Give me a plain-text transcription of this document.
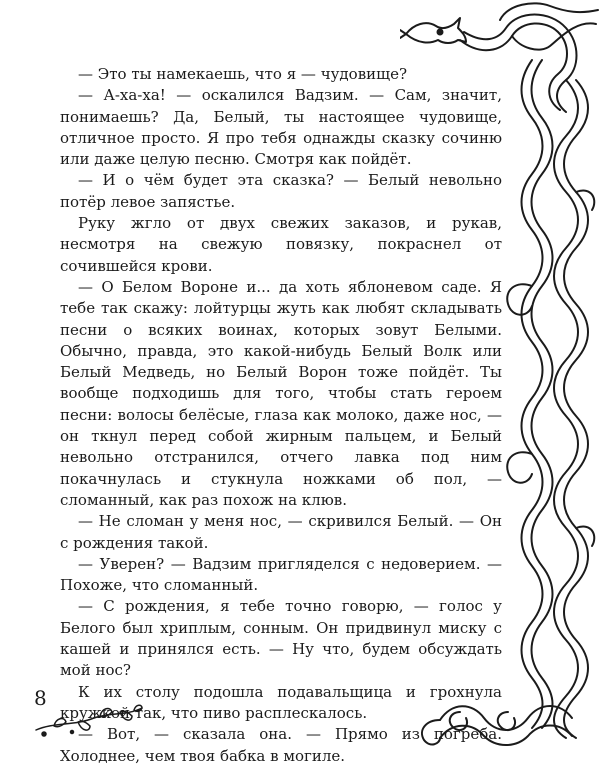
— Это ты намекаешь, что я — чудовище?

— А-ха-ха! — оскалился Вадзим. — Сам, значит, понимаешь? Да, Белый, ты настоящее чудовище, отличное просто. Я про тебя однажды сказку сочиню или даже целую песню. Смотря как пойдёт.

— И о чём будет эта сказка? — Белый невольно потёр левое запястье.

Руку жгло от двух свежих заказов, и рукав, несмотря на свежую повязку, покраснел от сочившейся крови.

— О Белом Вороне и... да хоть яблоневом саде. Я тебе так скажу: лойтурцы жуть как любят складывать песни о всяких воинах, которых зовут Белыми. Обычно, правда, это какой-нибудь Белый Волк или Белый Медведь, но Белый Ворон тоже пойдёт. Ты вообще подходишь для того, чтобы стать героем песни: волосы белёсые, глаза как молоко, даже нос, — он ткнул перед собой жирным пальцем, и Белый невольно отстранился, отчего лавка под ним покачнулась и стукнула ножками об пол, — сломанный, как раз похож на клюв.

— Не сломан у меня нос, — скривился Белый. — Он с рождения такой.

— Уверен? — Вадзим пригляделся с недоверием. — Похоже, что сломанный.

— С рождения, я тебе точно говорю, — голос у Белого был хриплым, сонным. Он придвинул миску с кашей и принялся есть. — Ну что, будем обсуждать мой нос?

К их столу подошла подавальщица и грохнула кружкой так, что пиво расплескалось.

— Вот, — сказала она. — Прямо из погреба. Холоднее, чем твоя бабка в могиле.

8
